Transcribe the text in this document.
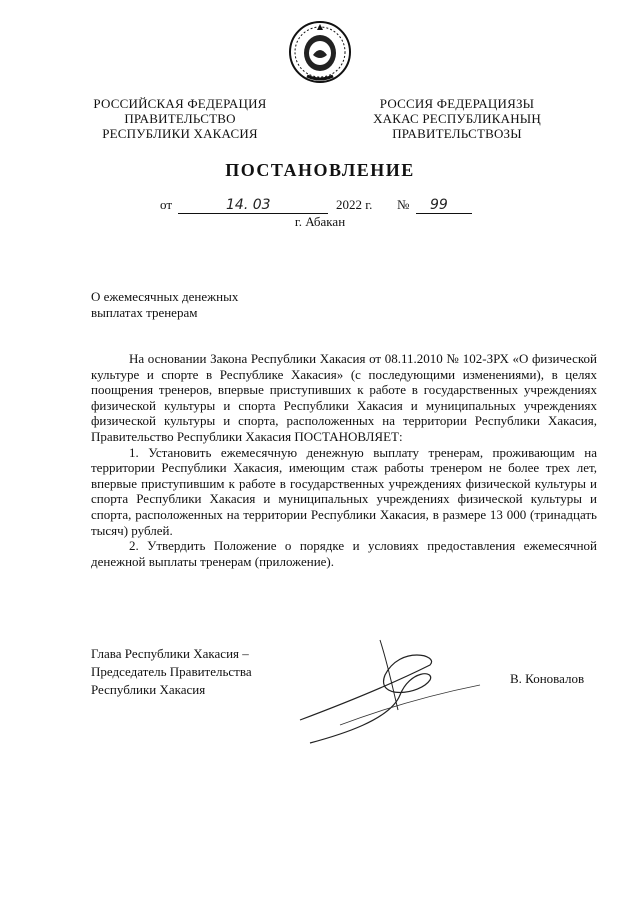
РОССИЙСКАЯ ФЕДЕРАЦИЯ
ПРАВИТЕЛЬСТВО
РЕСПУБЛИКИ ХАКАСИЯ
РОССИЯ ФЕДЕРАЦИЯЗЫ
ХАКАС РЕСПУБЛИКАНЫҢ
ПРАВИТЕЛЬСТВОЗЫ
ПОСТАНОВЛЕНИЕ
от	14. 03	2022 г. № 99
г. Абакан
О ежемесячных денежных
выплатах тренерам

На основании Закона Республики Хакасия от 08.11.2010 № 102-ЗРХ «О физической культуре и спорте в Республике Хакасия» (с последующими изменениями), в целях поощрения тренеров, впервые приступивших к работе в государственных учреждениях физической культуры и спорта Республики Хакасия и муниципальных учреждениях физической культуры и спорта, расположенных на территории Республики Хакасия, Правительство Республики Хакасия ПОСТАНОВЛЯЕТ:

1. Установить ежемесячную денежную выплату тренерам, проживающим на территории Республики Хакасия, имеющим стаж работы тренером не более трех лет, впервые приступившим к работе в государственных учреждениях физической культуры и спорта Республики Хакасия и муниципальных учреждениях физической культуры и спорта, расположенных на территории Республики Хакасия, в размере 13 000 (тринадцать тысяч) рублей.

2. Утвердить Положение о порядке и условиях предоставления ежемесячной денежной выплаты тренерам (приложение).

Глава Республики Хакасия –
Председатель Правительства
Республики Хакасия
В. Коновалов
